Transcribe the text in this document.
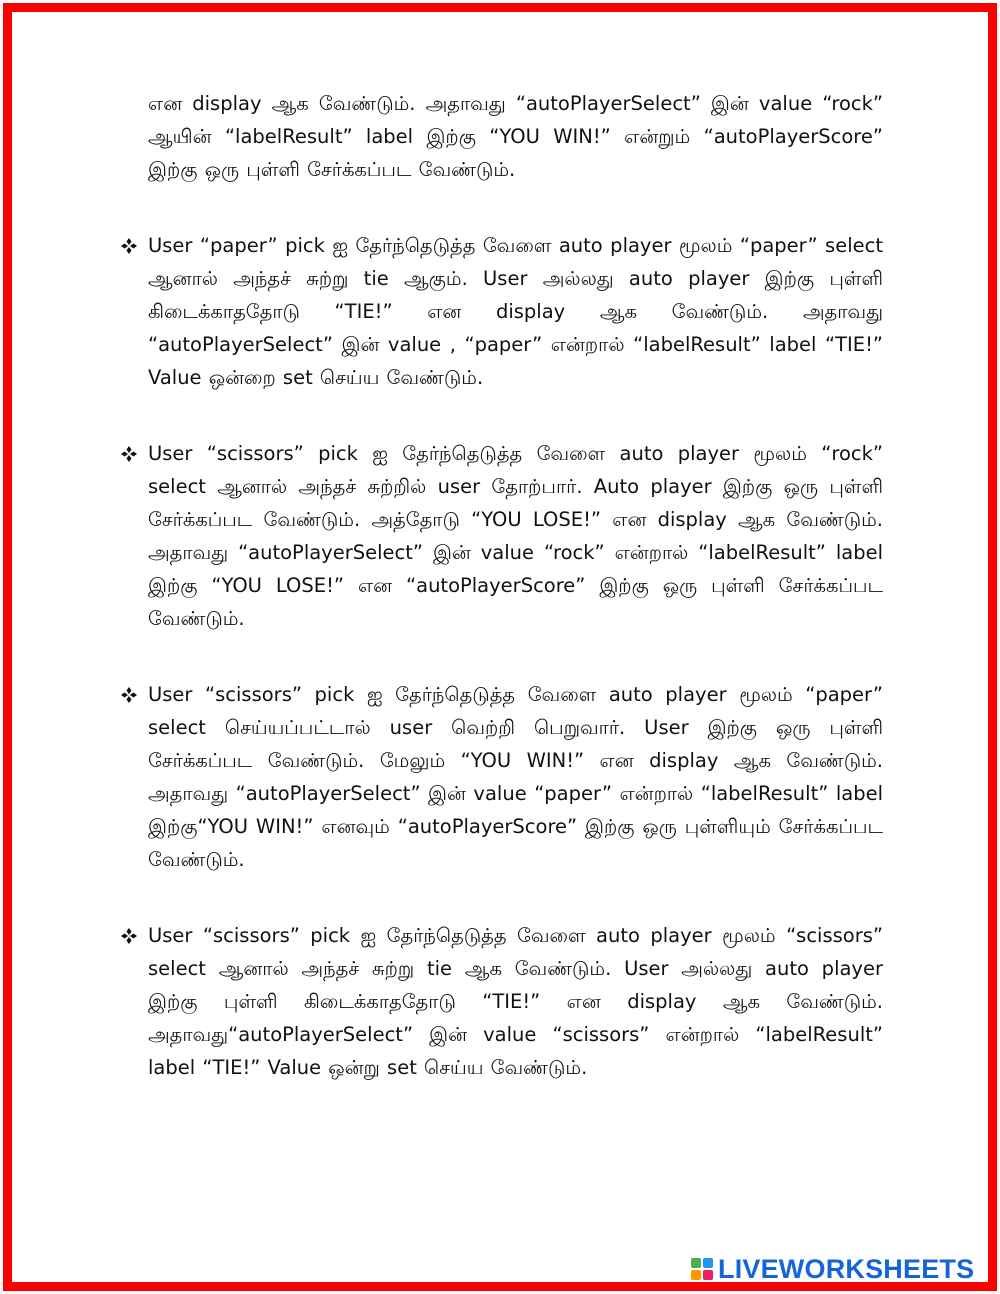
என display ஆக வேண்டும். அதாவது “autoPlayerSelect” இன் value “rock” ஆயின் “labelResult” label இற்கு “YOU WIN!” என்றும் “autoPlayerScore” இற்கு ஒரு புள்ளி சேர்க்கப்பட வேண்டும்.

User “paper” pick ஐ தேர்ந்தெடுத்த வேளை auto player மூலம் “paper” select ஆனால் அந்தச் சுற்று tie ஆகும். User அல்லது auto player இற்கு புள்ளி கிடைக்காததோடு “TIE!” என display ஆக வேண்டும். அதாவது “autoPlayerSelect” இன் value , “paper” என்றால் “labelResult” label “TIE!” Value ஒன்றை set செய்ய வேண்டும்.

User “scissors” pick ஐ தேர்ந்தெடுத்த வேளை auto player மூலம் “rock” select ஆனால் அந்தச் சுற்றில் user தோற்பார். Auto player இற்கு ஒரு புள்ளி சேர்க்கப்பட வேண்டும். அத்தோடு “YOU LOSE!” என display ஆக வேண்டும். அதாவது “autoPlayerSelect” இன் value “rock” என்றால் “labelResult” label இற்கு “YOU LOSE!” என “autoPlayerScore” இற்கு ஒரு புள்ளி சேர்க்கப்பட வேண்டும்.

User “scissors” pick ஐ தேர்ந்தெடுத்த வேளை auto player மூலம் “paper” select செய்யப்பட்டால் user வெற்றி பெறுவார். User இற்கு ஒரு புள்ளி சேர்க்கப்பட வேண்டும். மேலும் “YOU WIN!” என display ஆக வேண்டும். அதாவது “autoPlayerSelect” இன் value “paper” என்றால் “labelResult” label இற்கு“YOU WIN!” எனவும் “autoPlayerScore” இற்கு ஒரு புள்ளியும் சேர்க்கப்பட வேண்டும்.

User “scissors” pick ஐ தேர்ந்தெடுத்த வேளை auto player மூலம் “scissors” select ஆனால் அந்தச் சுற்று tie ஆக வேண்டும். User அல்லது auto player இற்கு புள்ளி கிடைக்காததோடு “TIE!” என display ஆக வேண்டும். அதாவது“autoPlayerSelect” இன் value “scissors” என்றால் “labelResult” label “TIE!” Value ஒன்று set செய்ய வேண்டும்.

LIVEWORKSHEETS
